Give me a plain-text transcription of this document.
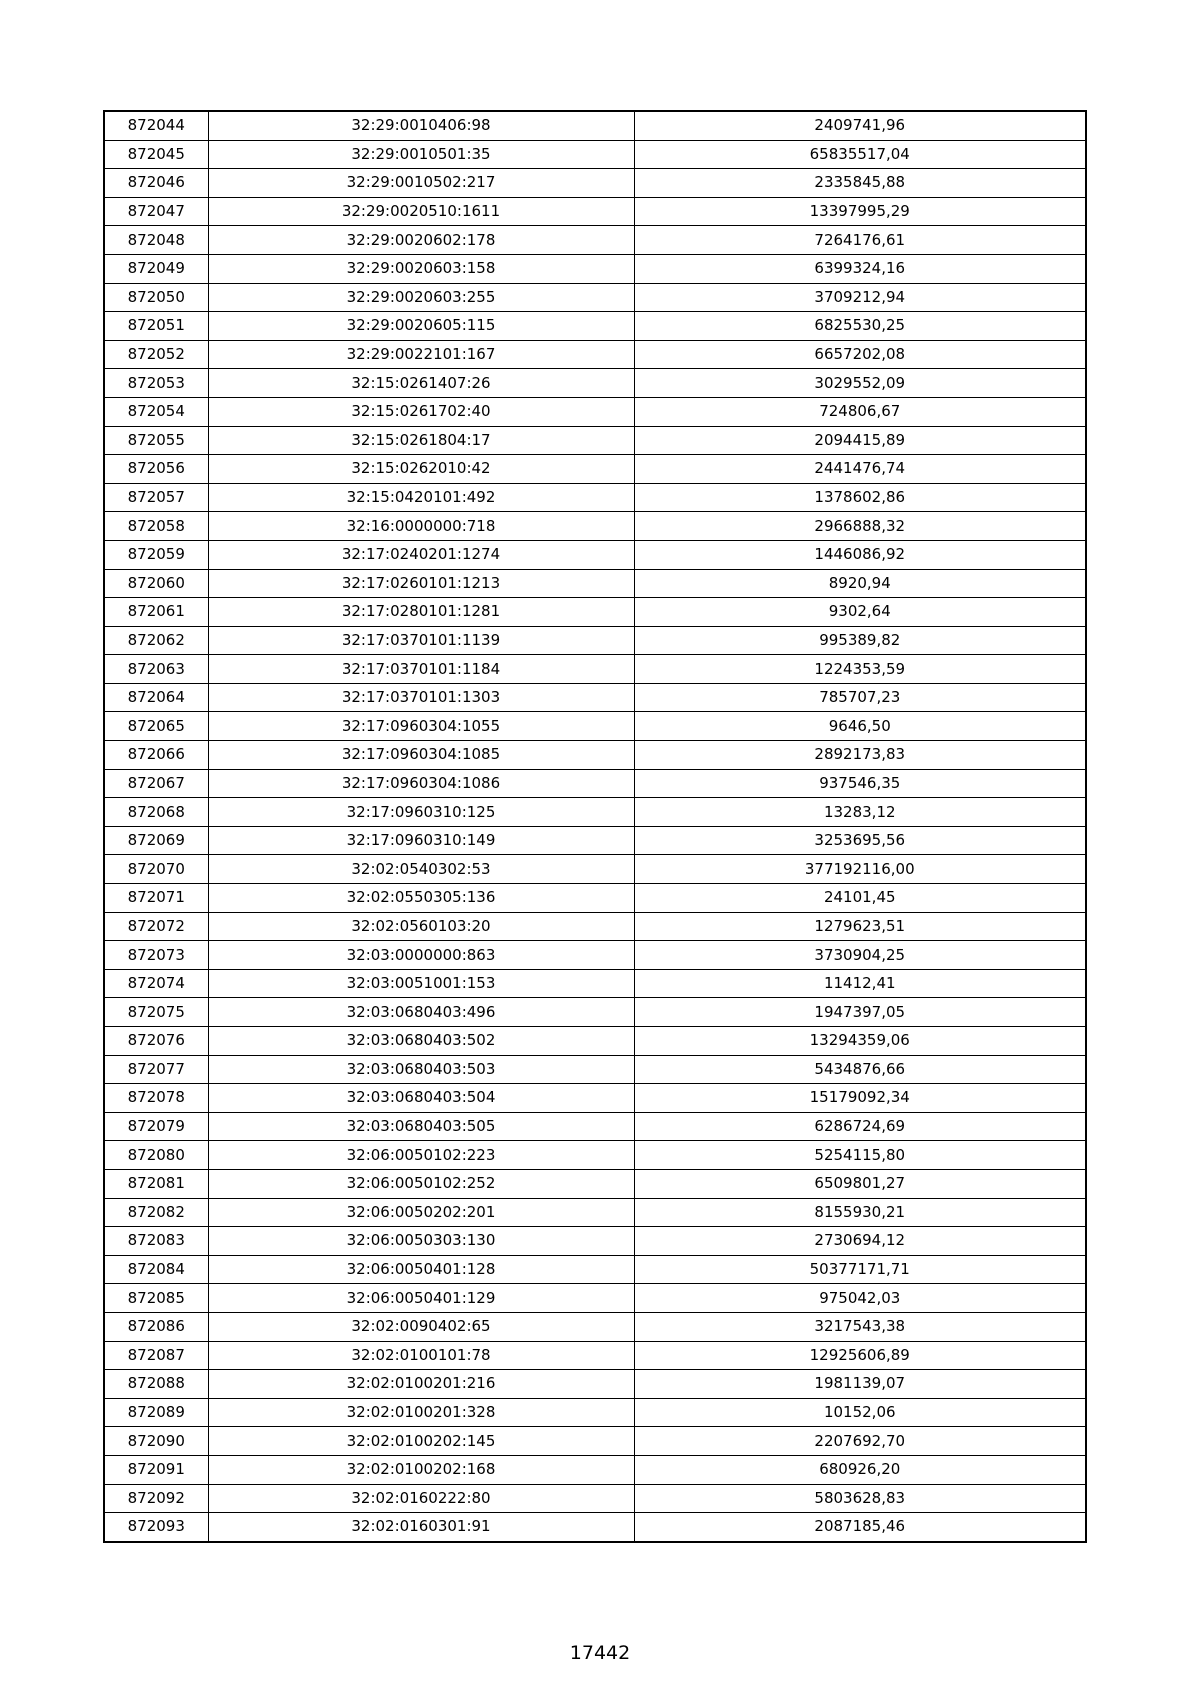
872044	32:29:0010406:98	2409741,96
872045	32:29:0010501:35	65835517,04
872046	32:29:0010502:217	2335845,88
872047	32:29:0020510:1611	13397995,29
872048	32:29:0020602:178	7264176,61
872049	32:29:0020603:158	6399324,16
872050	32:29:0020603:255	3709212,94
872051	32:29:0020605:115	6825530,25
872052	32:29:0022101:167	6657202,08
872053	32:15:0261407:26	3029552,09
872054	32:15:0261702:40	724806,67
872055	32:15:0261804:17	2094415,89
872056	32:15:0262010:42	2441476,74
872057	32:15:0420101:492	1378602,86
872058	32:16:0000000:718	2966888,32
872059	32:17:0240201:1274	1446086,92
872060	32:17:0260101:1213	8920,94
872061	32:17:0280101:1281	9302,64
872062	32:17:0370101:1139	995389,82
872063	32:17:0370101:1184	1224353,59
872064	32:17:0370101:1303	785707,23
872065	32:17:0960304:1055	9646,50
872066	32:17:0960304:1085	2892173,83
872067	32:17:0960304:1086	937546,35
872068	32:17:0960310:125	13283,12
872069	32:17:0960310:149	3253695,56
872070	32:02:0540302:53	377192116,00
872071	32:02:0550305:136	24101,45
872072	32:02:0560103:20	1279623,51
872073	32:03:0000000:863	3730904,25
872074	32:03:0051001:153	11412,41
872075	32:03:0680403:496	1947397,05
872076	32:03:0680403:502	13294359,06
872077	32:03:0680403:503	5434876,66
872078	32:03:0680403:504	15179092,34
872079	32:03:0680403:505	6286724,69
872080	32:06:0050102:223	5254115,80
872081	32:06:0050102:252	6509801,27
872082	32:06:0050202:201	8155930,21
872083	32:06:0050303:130	2730694,12
872084	32:06:0050401:128	50377171,71
872085	32:06:0050401:129	975042,03
872086	32:02:0090402:65	3217543,38
872087	32:02:0100101:78	12925606,89
872088	32:02:0100201:216	1981139,07
872089	32:02:0100201:328	10152,06
872090	32:02:0100202:145	2207692,70
872091	32:02:0100202:168	680926,20
872092	32:02:0160222:80	5803628,83
872093	32:02:0160301:91	2087185,46
17442
